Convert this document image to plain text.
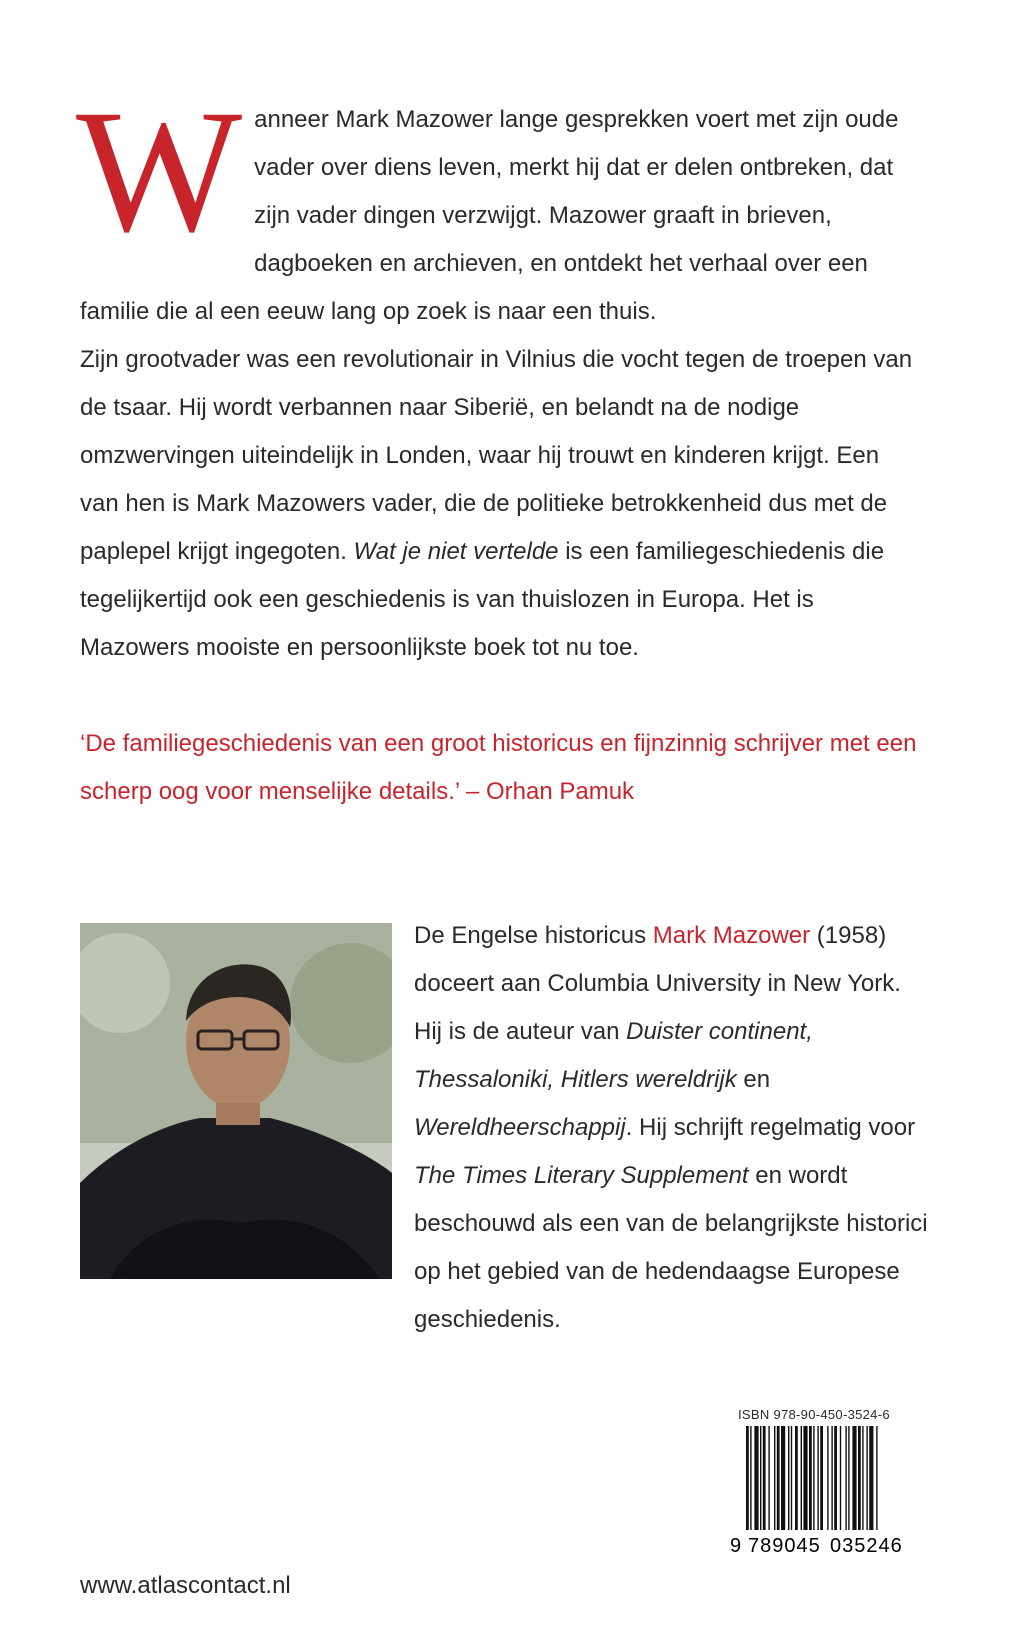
W anneer Mark Mazower lange gesprekken voert met zijn oude vader over diens leven, merkt hij dat er delen ontbreken, dat zijn vader dingen verzwijgt. Mazower graaft in brieven, dagboeken en archieven, en ontdekt het verhaal over een familie die al een eeuw lang op zoek is naar een thuis.

Zijn grootvader was een revolutionair in Vilnius die vocht tegen de troepen van de tsaar. Hij wordt verbannen naar Siberië, en belandt na de nodige omzwervingen uiteindelijk in Londen, waar hij trouwt en kinderen krijgt. Een van hen is Mark Mazowers vader, die de politieke betrokkenheid dus met de paplepel krijgt ingegoten. Wat je niet vertelde is een familiegeschiedenis die tegelijkertijd ook een geschiedenis is van thuislozen in Europa. Het is Mazowers mooiste en persoonlijkste boek tot nu toe.

‘De familiegeschiedenis van een groot historicus en fijnzinnig schrijver met een scherp oog voor menselijke details.’ – Orhan Pamuk

De Engelse historicus Mark Mazower (1958) doceert aan Columbia University in New York. Hij is de auteur van Duister continent, Thessaloniki, Hitlers wereldrijk en Wereldheerschappij. Hij schrijft regelmatig voor The Times Literary Supplement en wordt beschouwd als een van de belangrijkste historici op het gebied van de hedendaagse Europese geschiedenis.

ISBN 978-90-450-3524-6

9 789045 035246

www.atlascontact.nl
